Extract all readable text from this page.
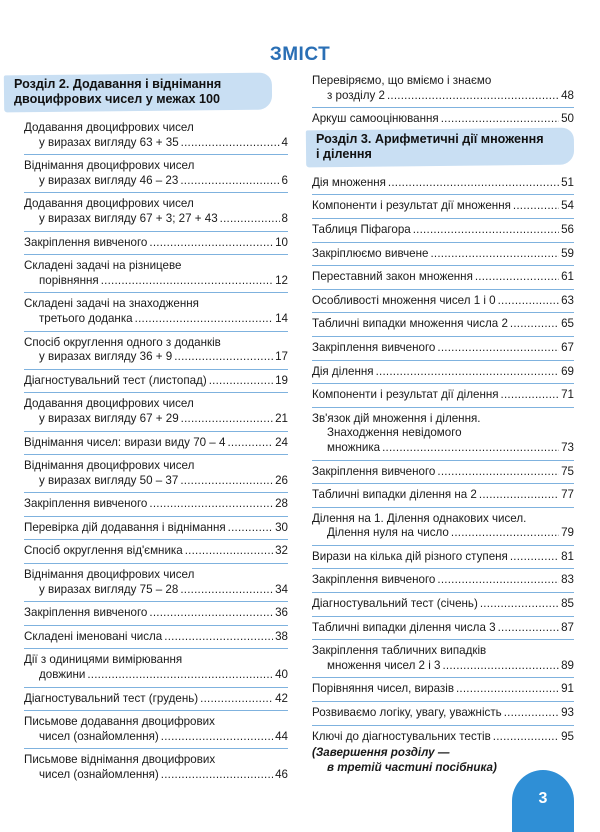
ЗМІСТ
Розділ 2. Додавання і віднімання
двоцифрових чисел у межах 100
Додавання двоцифрових чисел
у виразах вигляду 63 + 35 . . .	4
Віднімання двоцифрових чисел
у виразах вигляду 46 – 23 . . .	6
Додавання двоцифрових чисел
у виразах вигляду 67 + 3; 27 + 43 . . .	8
Закріплення вивченого . . .	10
Складені задачі на різницеве
порівняння . . .	12
Складені задачі на знаходження
третього доданка . . .	14
Спосіб округлення одного з доданків
у виразах вигляду 36 + 9 . . .	17
Діагностувальний тест (листопад) . . .	19
Додавання двоцифрових чисел
у виразах вигляду 67 + 29 . . .	21
Віднімання чисел: вирази виду 70 – 4 . . .	24
Віднімання двоцифрових чисел
у виразах вигляду 50 – 37 . . .	26
Закріплення вивченого . . .	28
Перевірка дій додавання і віднімання . . .	30
Спосіб округлення від'ємника . . .	32
Віднімання двоцифрових чисел
у виразах вигляду 75 – 28 . . .	34
Закріплення вивченого . . .	36
Складені іменовані числа . . .	38
Дії з одиницями вимірювання
довжини . . .	40
Діагностувальний тест (грудень) . . .	42
Письмове додавання двоцифрових
чисел (ознайомлення) . . .	44
Письмове віднімання двоцифрових
чисел (ознайомлення) . . .	46
Перевіряємо, що вміємо і знаємо
з розділу 2 . . .	48
Аркуш самооцінювання . . .	50
Розділ 3. Арифметичні дії множення
і ділення
Дія множення . . .	51
Компоненти і результат дії множення . . .	54
Таблиця Піфагора . . .	56
Закріплюємо вивчене . . .	59
Переставний закон множення . . .	61
Особливості множення чисел 1 і 0 . . .	63
Табличні випадки множення числа 2 . . .	65
Закріплення вивченого . . .	67
Дія ділення . . .	69
Компоненти і результат дії ділення . . .	71
Зв'язок дій множення і ділення.
Знаходження невідомого
множника . . .	73
Закріплення вивченого . . .	75
Табличні випадки ділення на 2 . . .	77
Ділення на 1. Ділення однакових чисел.
Ділення нуля на число . . .	79
Вирази на кілька дій різного ступеня . . .	81
Закріплення вивченого . . .	83
Діагностувальний тест (січень) . . .	85
Табличні випадки ділення числа 3 . . .	87
Закріплення табличних випадків
множення чисел 2 і 3 . . .	89
Порівняння чисел, виразів . . .	91
Розвиваємо логіку, увагу, уважність . . .	93
Ключі до діагностувальних тестів . . .	95
(Завершення розділу —
в третій частині посібника)
3
